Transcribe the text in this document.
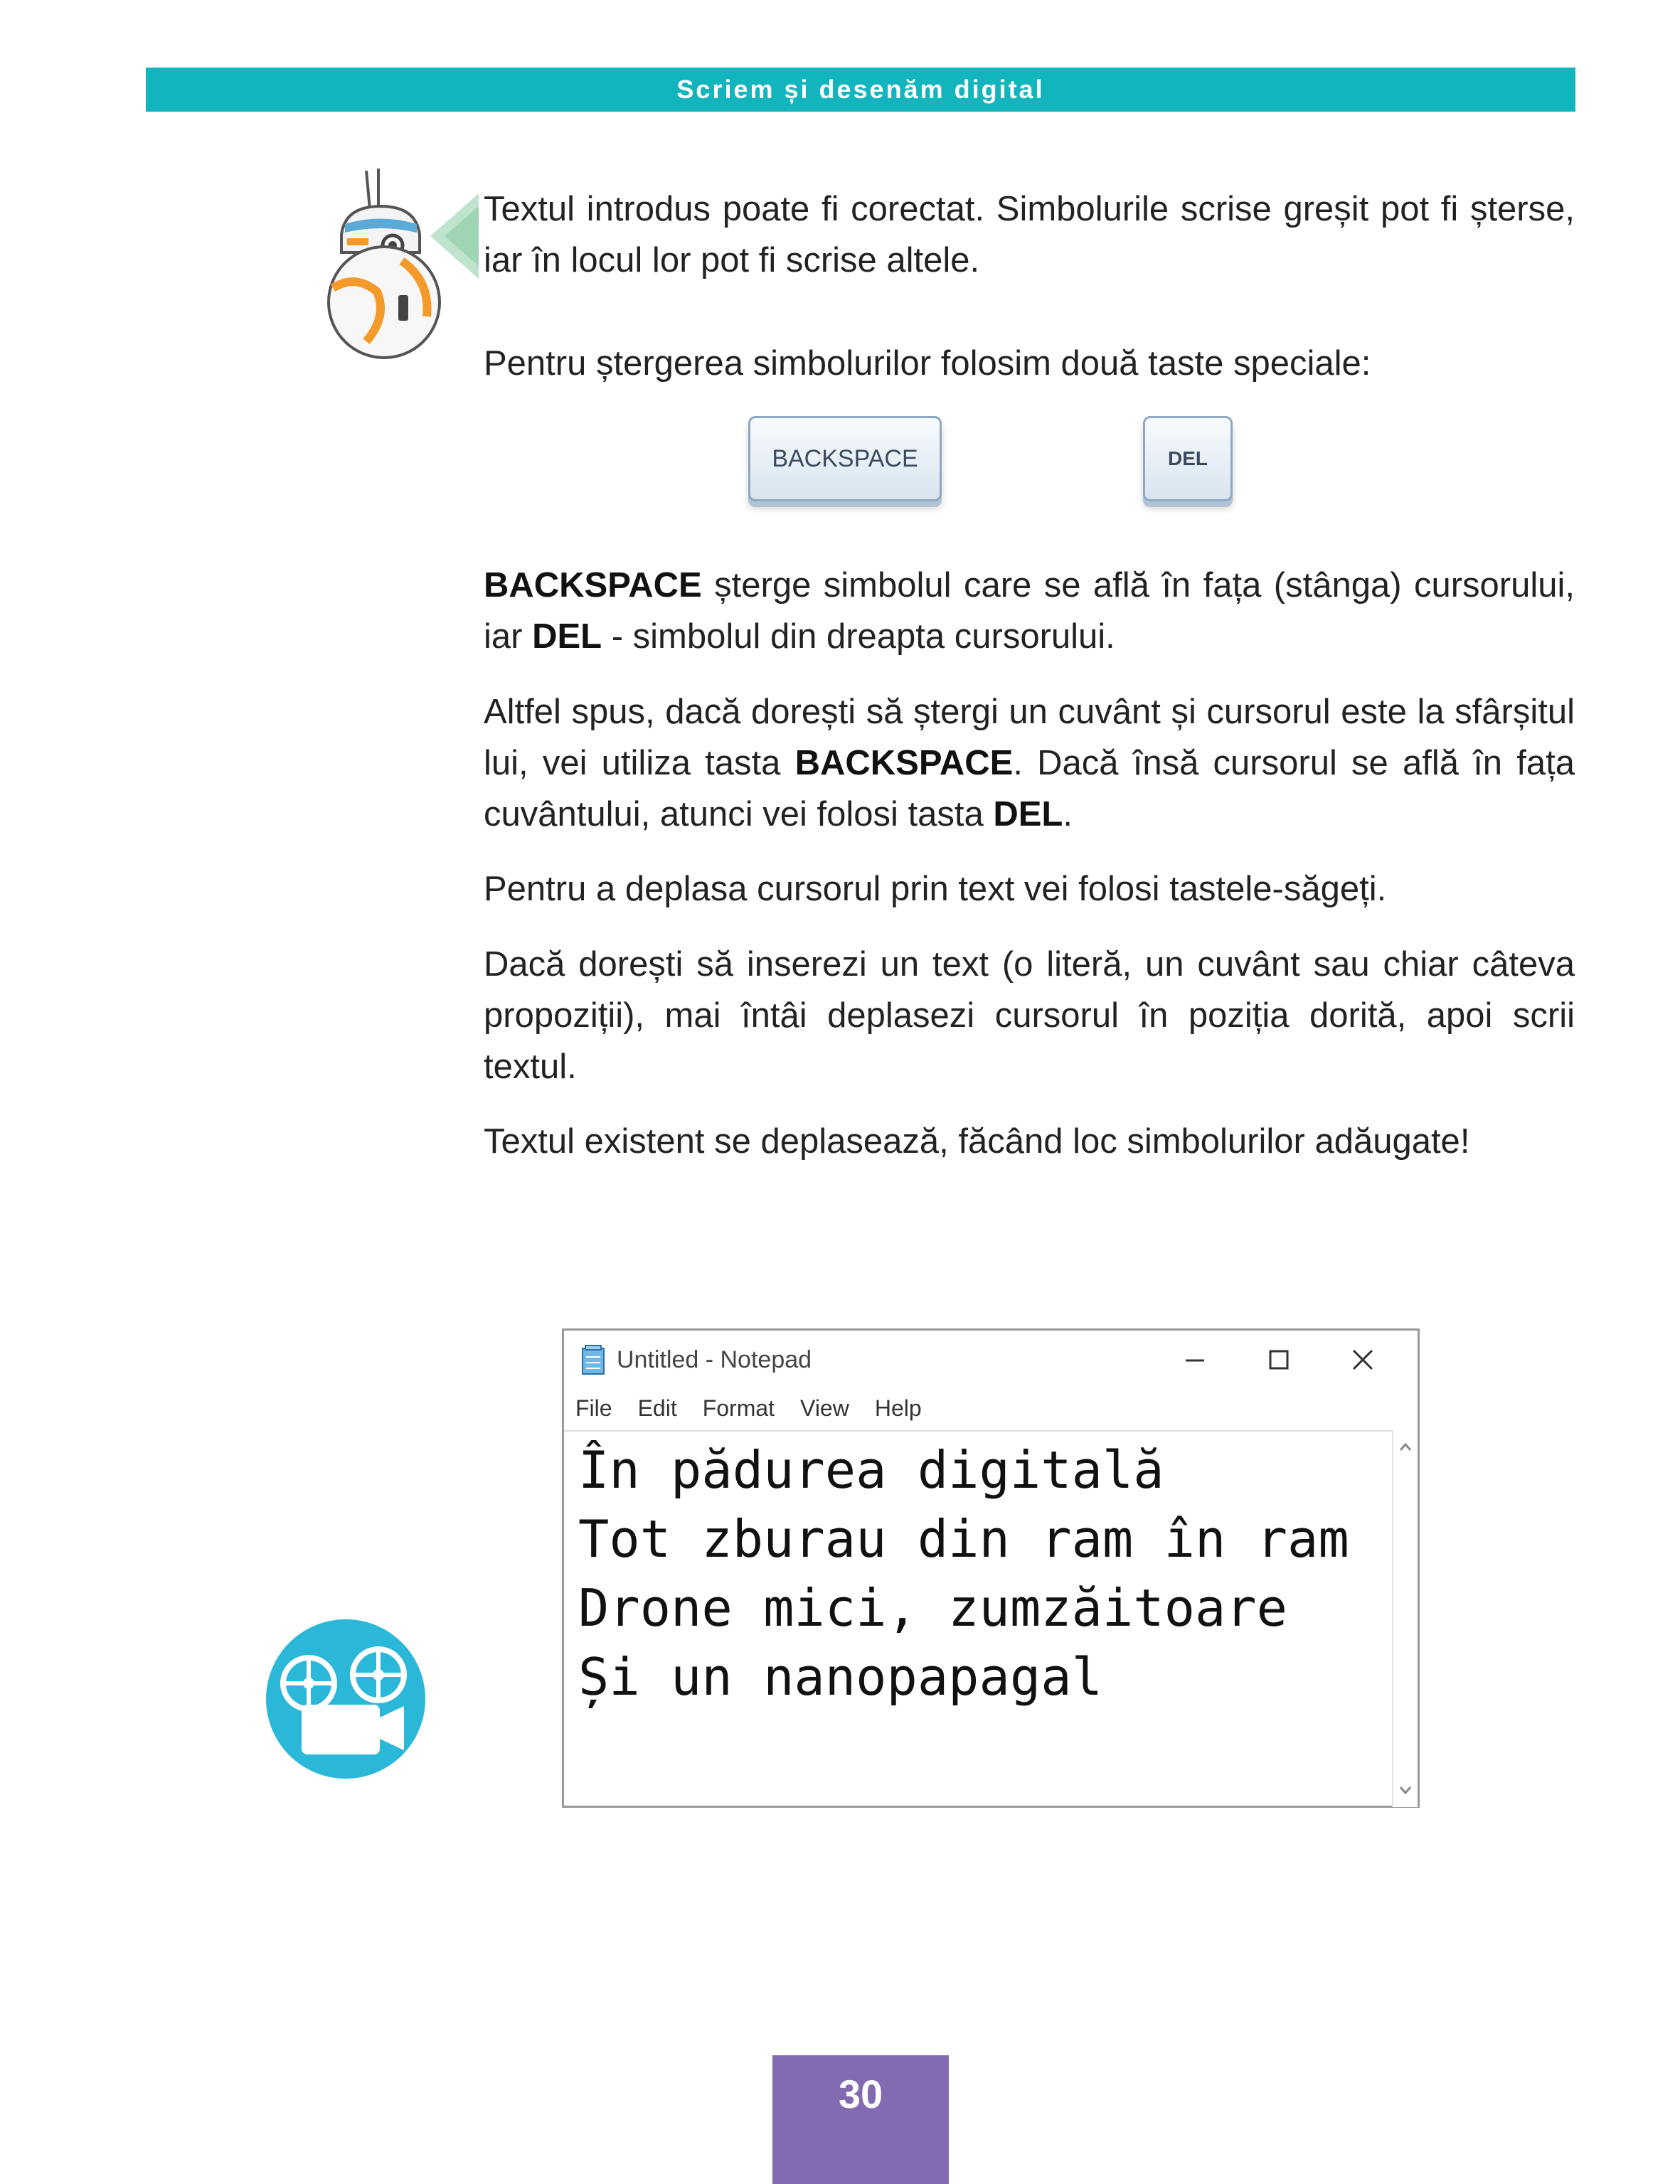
Scriem și desenăm digital

Textul introdus poate fi corectat. Simbolurile scrise greșit pot fi șterse, iar în locul lor pot fi scrise altele.

Pentru ștergerea simbolurilor folosim două taste speciale:

BACKSPACE	DEL

BACKSPACE șterge simbolul care se află în fața (stânga) cursorului, iar DEL - simbolul din dreapta cursorului.

Altfel spus, dacă dorești să ștergi un cuvânt și cursorul este la sfârșitul lui, vei utiliza tasta BACKSPACE. Dacă însă cursorul se află în fața cuvântului, atunci vei folosi tasta DEL.

Pentru a deplasa cursorul prin text vei folosi tastele-săgeți.

Dacă dorești să inserezi un text (o literă, un cuvânt sau chiar câteva propoziții), mai întâi deplasezi cursorul în poziția dorită, apoi scrii textul.

Textul existent se deplasează, făcând loc simbolurilor adăugate!

Untitled - Notepad
File Edit Format View Help
În pădurea digitală
Tot zburau din ram în ram
Drone mici, zumzăitoare
Și un nanopapagal
30
